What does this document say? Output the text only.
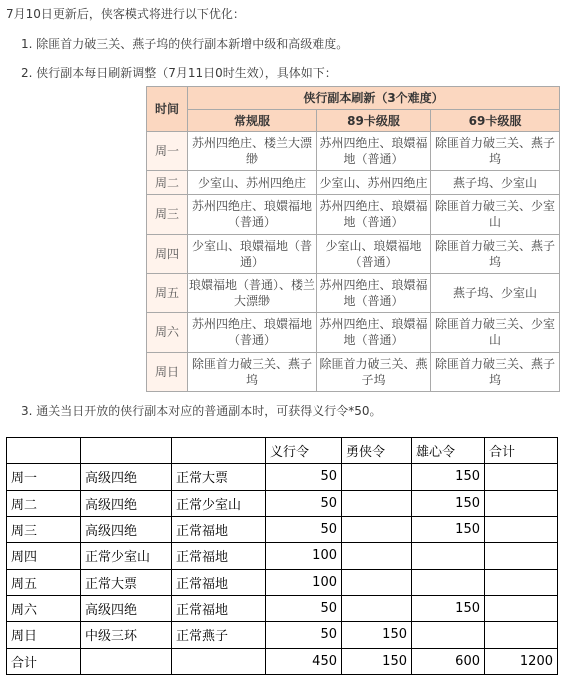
7月10日更新后，侠客模式将进行以下优化：
1. 除匪首力破三关、燕子坞的侠行副本新增中级和高级难度。
2. 侠行副本每日刷新调整（7月11日0时生效），具体如下：
时间	侠行副本刷新（3个难度）		
	常规服	89卡级服	69卡级服
周一	苏州四绝庄、楼兰大漂缈	苏州四绝庄、琅嬛福地（普通）	除匪首力破三关、燕子坞
周二	少室山、苏州四绝庄	少室山、苏州四绝庄	燕子坞、少室山
周三	苏州四绝庄、琅嬛福地（普通）	苏州四绝庄、琅嬛福地（普通）	除匪首力破三关、少室山
周四	少室山、琅嬛福地（普通）	少室山、琅嬛福地（普通）	除匪首力破三关、燕子坞
周五	琅嬛福地（普通）、楼兰大漂缈	苏州四绝庄、琅嬛福地（普通）	燕子坞、少室山
周六	苏州四绝庄、琅嬛福地（普通）	苏州四绝庄、琅嬛福地（普通）	除匪首力破三关、少室山
周日	除匪首力破三关、燕子坞	除匪首力破三关、燕子坞	除匪首力破三关、燕子坞
3. 通关当日开放的侠行副本对应的普通副本时，可获得义行令*50。
			义行令	勇侠令	雄心令	合计
周一	高级四绝	正常大票	50		150	
周二	高级四绝	正常少室山	50		150	
周三	高级四绝	正常福地	50		150	
周四	正常少室山	正常福地	100			
周五	正常大票	正常福地	100			
周六	高级四绝	正常福地	50		150	
周日	中级三环	正常燕子	50	150		
合计			450	150	600	1200
